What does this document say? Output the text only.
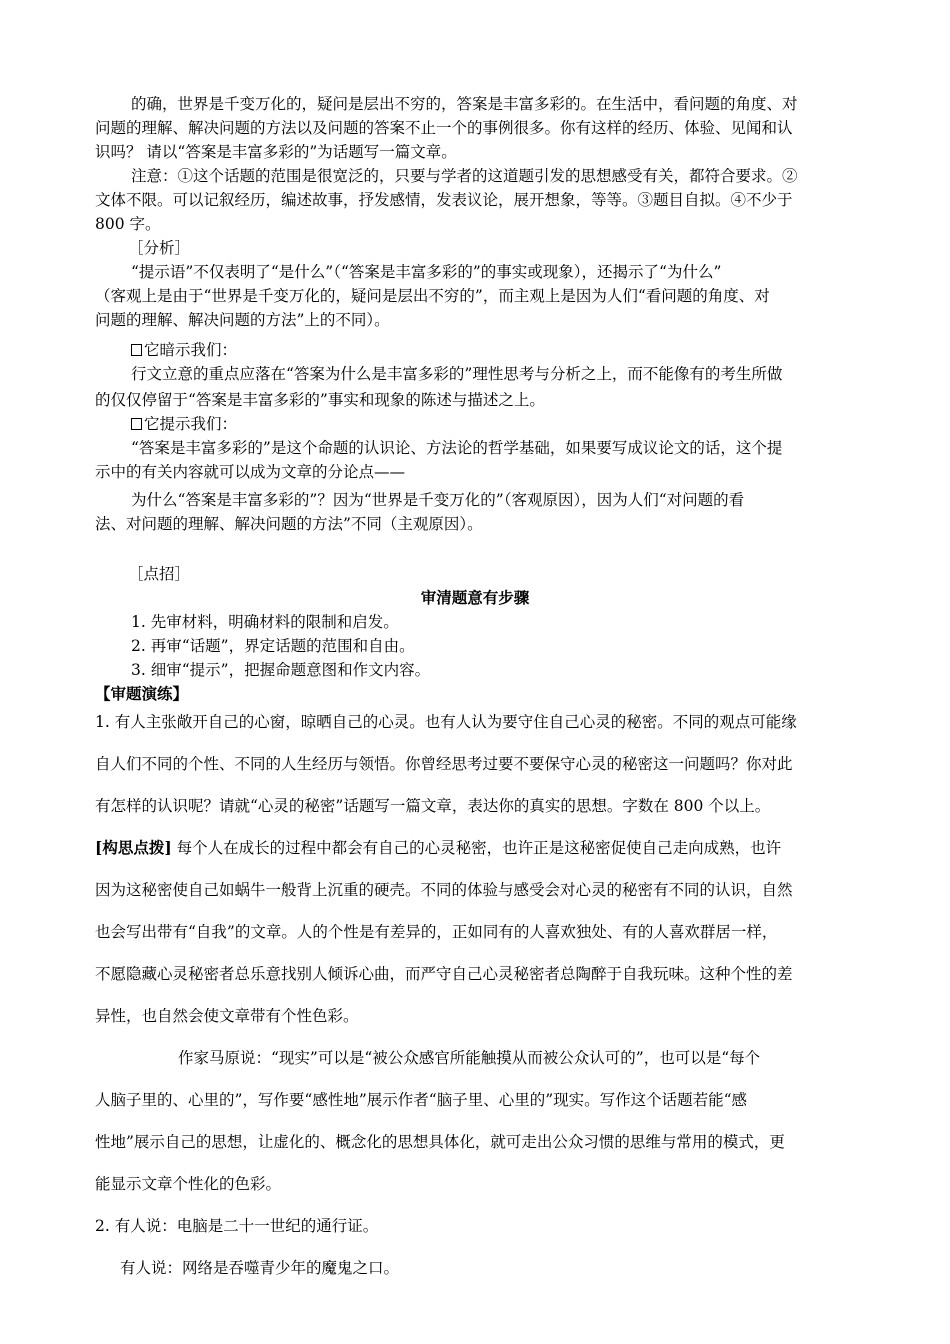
的确，世界是千变万化的，疑问是层出不穷的，答案是丰富多彩的。在生活中，看问题的角度、对
问题的理解、解决问题的方法以及问题的答案不止一个的事例很多。你有这样的经历、体验、见闻和认
识吗？ 请以“答案是丰富多彩的”为话题写一篇文章。
注意：①这个话题的范围是很宽泛的，只要与学者的这道题引发的思想感受有关，都符合要求。②
文体不限。可以记叙经历，编述故事，抒发感情，发表议论，展开想象，等等。③题目自拟。④不少于
800 字。
［分析］
“提示语”不仅表明了“是什么”（“答案是丰富多彩的”的事实或现象），还揭示了“为什么”
（客观上是由于“世界是千变万化的，疑问是层出不穷的”，而主观上是因为人们“看问题的角度、对
问题的理解、解决问题的方法”上的不同）。
它暗示我们：
行文立意的重点应落在“答案为什么是丰富多彩的”理性思考与分析之上，而不能像有的考生所做
的仅仅停留于“答案是丰富多彩的”事实和现象的陈述与描述之上。
它提示我们：
“答案是丰富多彩的”是这个命题的认识论、方法论的哲学基础，如果要写成议论文的话，这个提
示中的有关内容就可以成为文章的分论点——
为什么“答案是丰富多彩的”？因为“世界是千变万化的”（客观原因），因为人们“对问题的看
法、对问题的理解、解决问题的方法”不同（主观原因）。
［点招］
审清题意有步骤
1. 先审材料，明确材料的限制和启发。
2. 再审“话题”，界定话题的范围和自由。
3. 细审“提示”，把握命题意图和作文内容。
【审题演练】
1. 有人主张敞开自己的心窗，晾晒自己的心灵。也有人认为要守住自己心灵的秘密。不同的观点可能缘
自人们不同的个性、不同的人生经历与领悟。你曾经思考过要不要保守心灵的秘密这一问题吗？你对此
有怎样的认识呢？请就“心灵的秘密”话题写一篇文章，表达你的真实的思想。字数在 800 个以上。
[构思点拨] 每个人在成长的过程中都会有自己的心灵秘密，也许正是这秘密促使自己走向成熟，也许
因为这秘密使自己如蜗牛一般背上沉重的硬壳。不同的体验与感受会对心灵的秘密有不同的认识，自然
也会写出带有“自我”的文章。人的个性是有差异的，正如同有的人喜欢独处、有的人喜欢群居一样，
不愿隐藏心灵秘密者总乐意找别人倾诉心曲，而严守自己心灵秘密者总陶醉于自我玩味。这种个性的差
异性，也自然会使文章带有个性色彩。
作家马原说：“现实”可以是“被公众感官所能触摸从而被公众认可的”，也可以是“每个
人脑子里的、心里的”，写作要“感性地”展示作者“脑子里、心里的”现实。写作这个话题若能“感
性地”展示自己的思想，让虚化的、概念化的思想具体化，就可走出公众习惯的思维与常用的模式，更
能显示文章个性化的色彩。
2. 有人说：电脑是二十一世纪的通行证。
有人说：网络是吞噬青少年的魔鬼之口。
